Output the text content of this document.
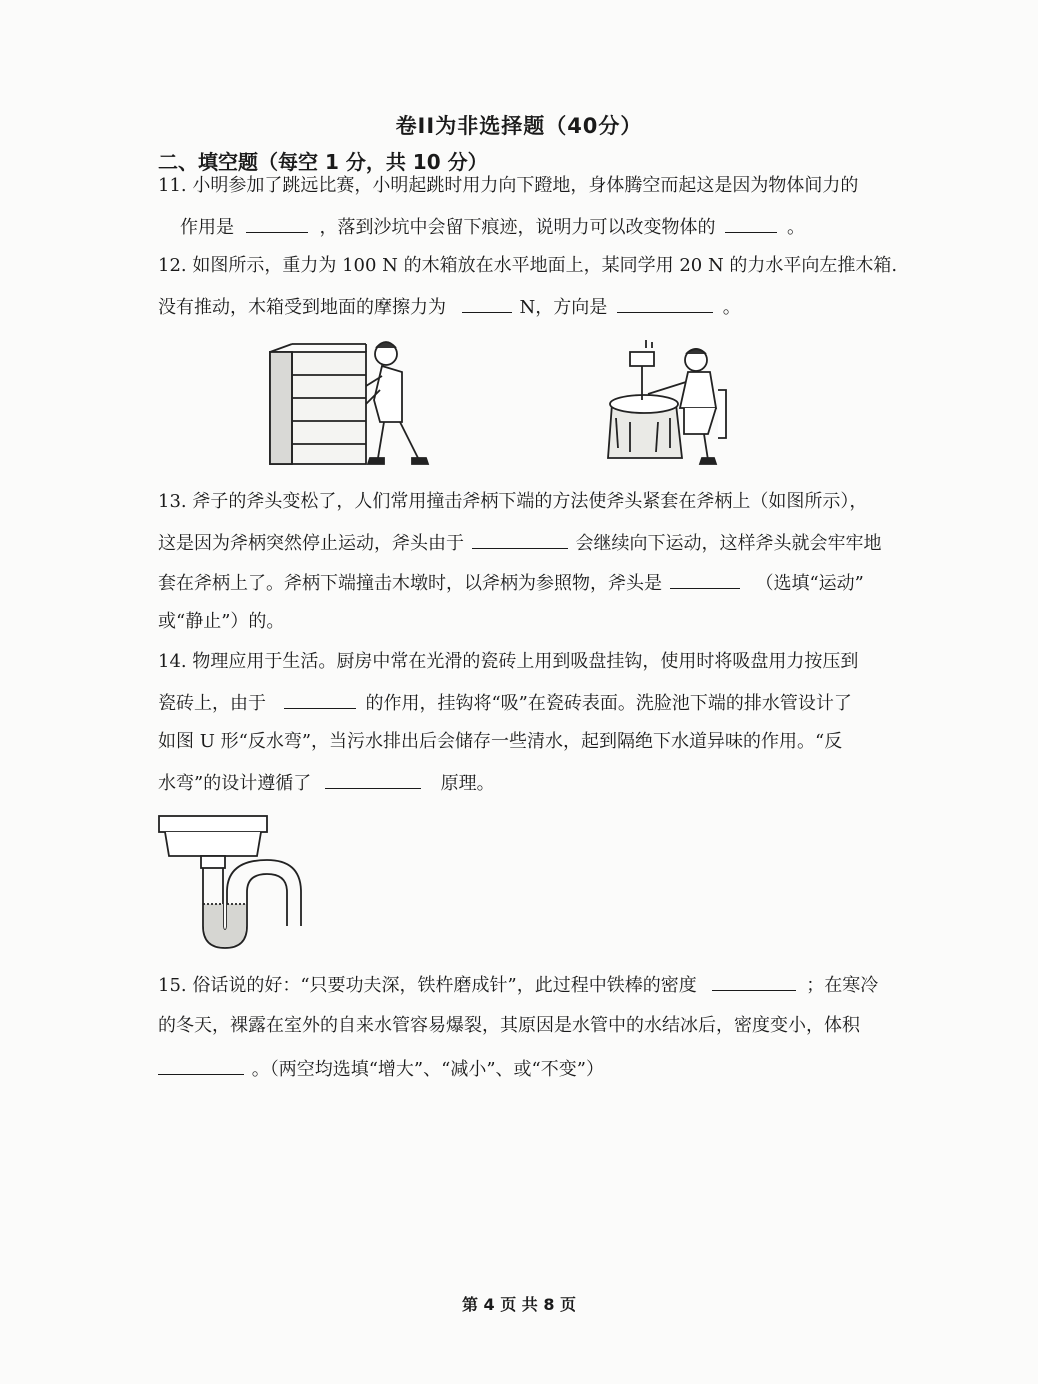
卷II为非选择题（40分）
二、填空题（每空 1 分，共 10 分）
11. 小明参加了跳远比赛，小明起跳时用力向下蹬地，身体腾空而起这是因为物体间力的
作用是	，落到沙坑中会留下痕迹，说明力可以改变物体的	。
12. 如图所示，重力为 100 N 的木箱放在水平地面上，某同学用 20 N 的力水平向左推木箱.
没有推动，木箱受到地面的摩擦力为	N，方向是	。
13. 斧子的斧头变松了，人们常用撞击斧柄下端的方法使斧头紧套在斧柄上（如图所示），
这是因为斧柄突然停止运动，斧头由于	会继续向下运动，这样斧头就会牢牢地
套在斧柄上了。斧柄下端撞击木墩时，以斧柄为参照物，斧头是	（选填“运动”
或“静止”）的。
14. 物理应用于生活。厨房中常在光滑的瓷砖上用到吸盘挂钩，使用时将吸盘用力按压到
瓷砖上，由于	的作用，挂钩将“吸”在瓷砖表面。洗脸池下端的排水管设计了
如图 U 形“反水弯”，当污水排出后会储存一些清水，起到隔绝下水道异味的作用。“反
水弯”的设计遵循了	原理。
15. 俗话说的好：“只要功夫深，铁杵磨成针”，此过程中铁棒的密度	；在寒冷
的冬天，裸露在室外的自来水管容易爆裂，其原因是水管中的水结冰后，密度变小，体积
。（两空均选填“增大”、“减小”、或“不变”）
第 4 页 共 8 页
